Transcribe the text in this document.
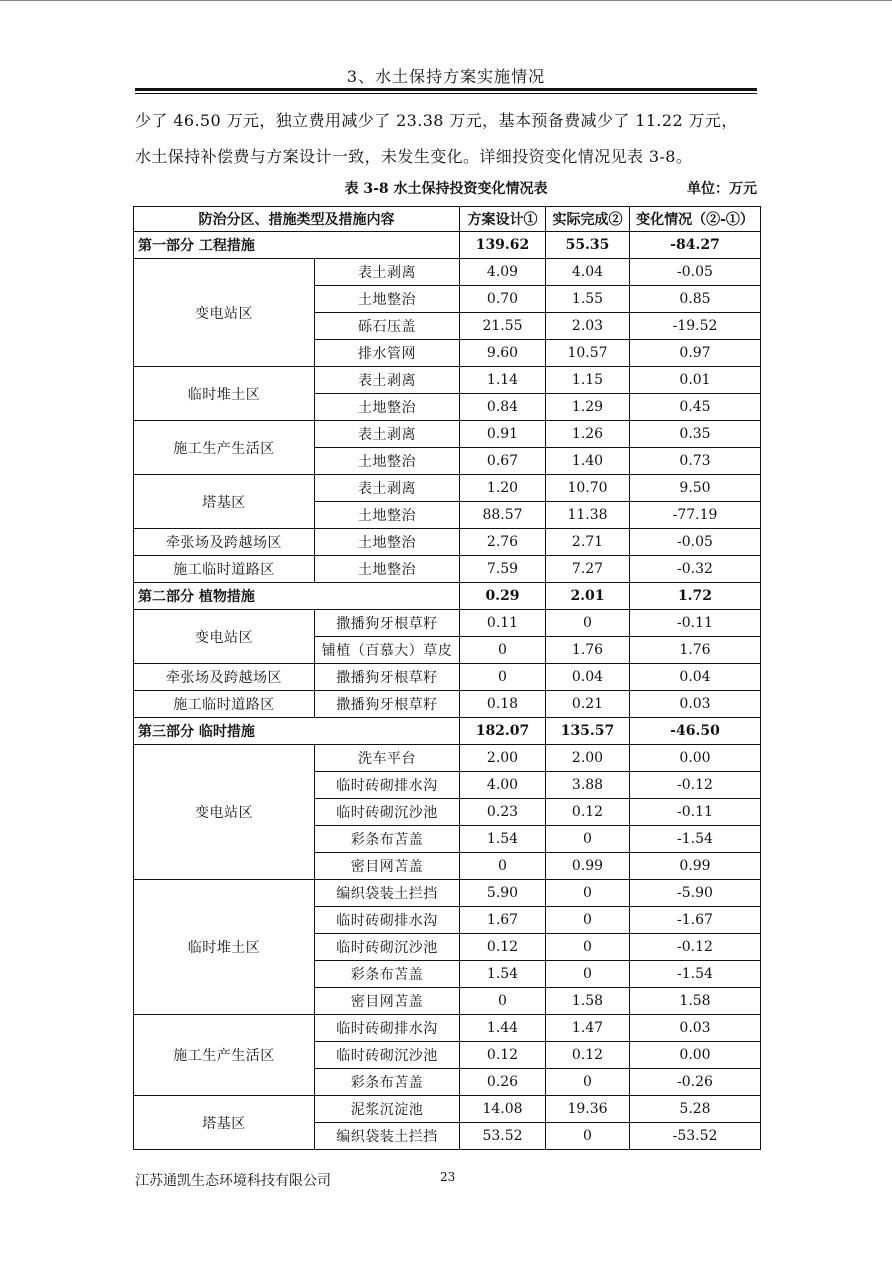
3、水土保持方案实施情况
少了 46.50 万元，独立费用减少了 23.38 万元，基本预备费减少了 11.22 万元，
水土保持补偿费与方案设计一致，未发生变化。详细投资变化情况见表 3-8。
表 3-8 水土保持投资变化情况表	单位：万元
防治分区、措施类型及措施内容		方案设计①	实际完成②	变化情况（②-①）
第一部分 工程措施		139.62	55.35	-84.27
变电站区	表土剥离	4.09	4.04	-0.05
	土地整治	0.70	1.55	0.85
	砾石压盖	21.55	2.03	-19.52
	排水管网	9.60	10.57	0.97
临时堆土区	表土剥离	1.14	1.15	0.01
	土地整治	0.84	1.29	0.45
施工生产生活区	表土剥离	0.91	1.26	0.35
	土地整治	0.67	1.40	0.73
塔基区	表土剥离	1.20	10.70	9.50
	土地整治	88.57	11.38	-77.19
牵张场及跨越场区	土地整治	2.76	2.71	-0.05
施工临时道路区	土地整治	7.59	7.27	-0.32
第二部分 植物措施		0.29	2.01	1.72
变电站区	撒播狗牙根草籽	0.11	0	-0.11
	铺植（百慕大）草皮	0	1.76	1.76
牵张场及跨越场区	撒播狗牙根草籽	0	0.04	0.04
施工临时道路区	撒播狗牙根草籽	0.18	0.21	0.03
第三部分 临时措施		182.07	135.57	-46.50
变电站区	洗车平台	2.00	2.00	0.00
	临时砖砌排水沟	4.00	3.88	-0.12
	临时砖砌沉沙池	0.23	0.12	-0.11
	彩条布苫盖	1.54	0	-1.54
	密目网苫盖	0	0.99	0.99
临时堆土区	编织袋装土拦挡	5.90	0	-5.90
	临时砖砌排水沟	1.67	0	-1.67
	临时砖砌沉沙池	0.12	0	-0.12
	彩条布苫盖	1.54	0	-1.54
	密目网苫盖	0	1.58	1.58
施工生产生活区	临时砖砌排水沟	1.44	1.47	0.03
	临时砖砌沉沙池	0.12	0.12	0.00
	彩条布苫盖	0.26	0	-0.26
塔基区	泥浆沉淀池	14.08	19.36	5.28
	编织袋装土拦挡	53.52	0	-53.52
江苏通凯生态环境科技有限公司	23
